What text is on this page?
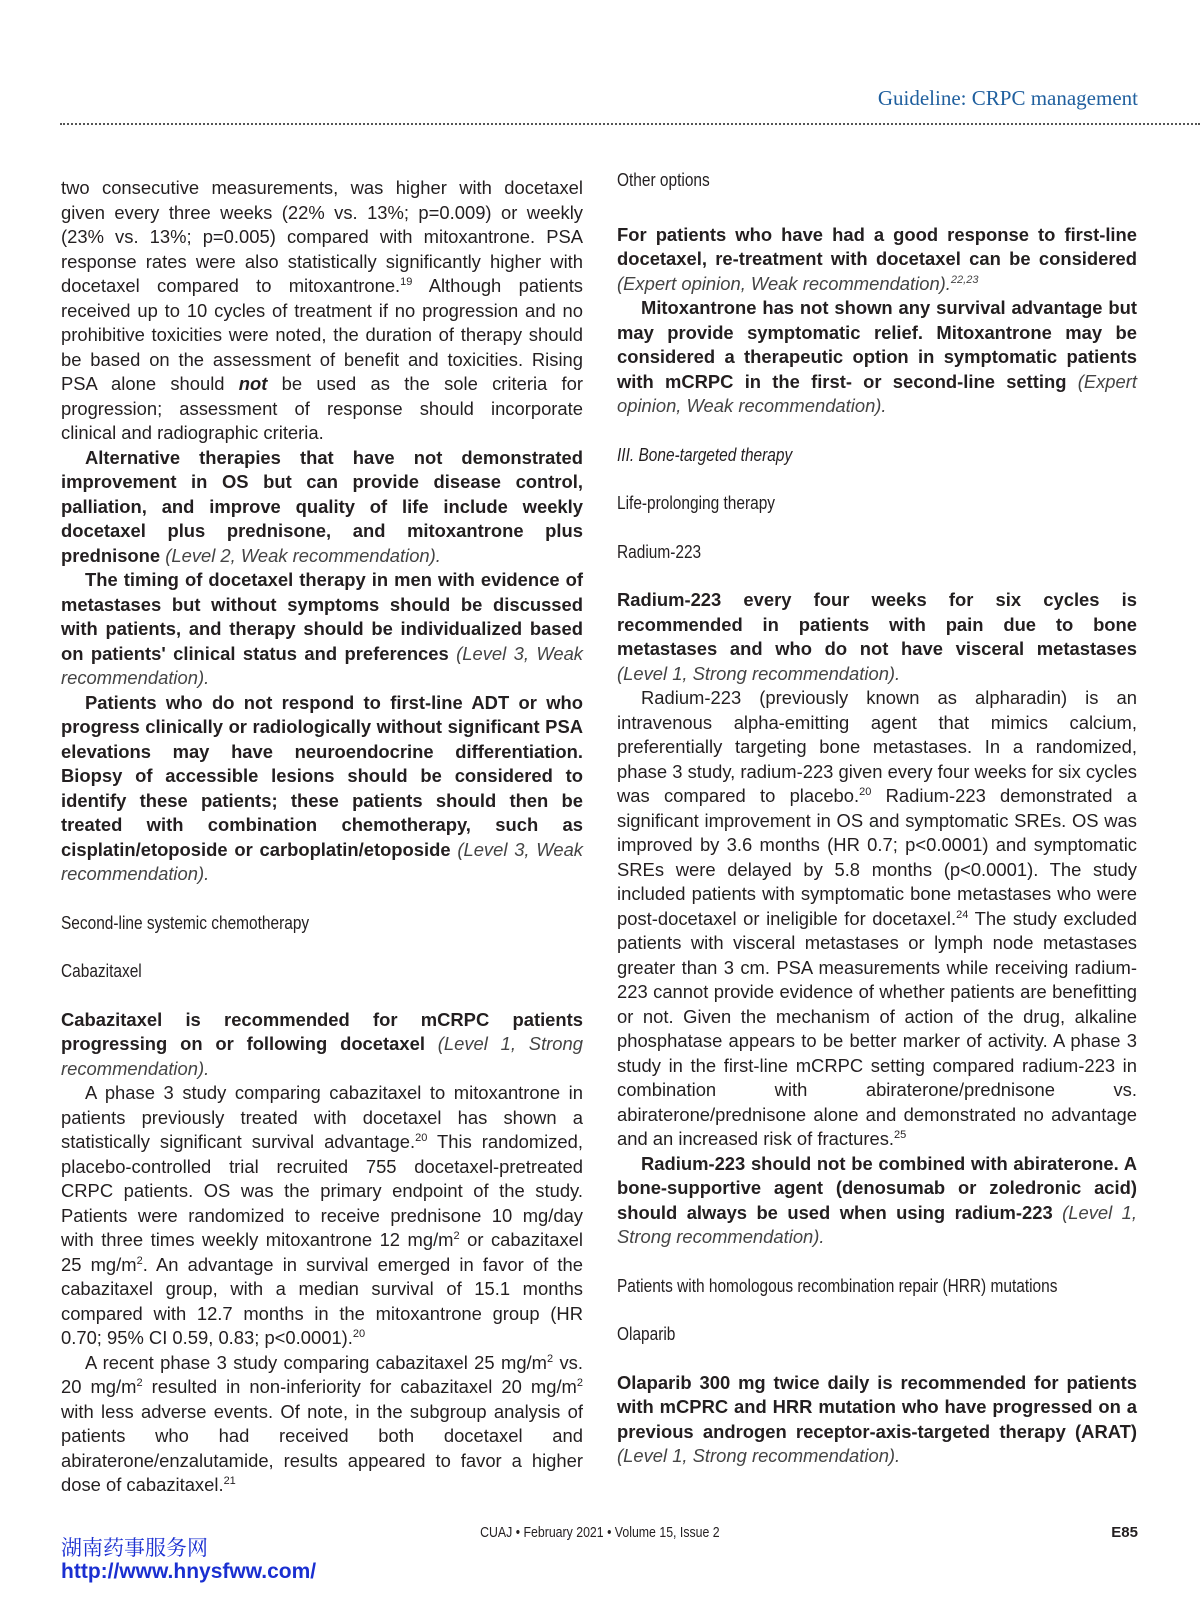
Guideline: CRPC management

two consecutive measurements, was higher with docetaxel given every three weeks (22% vs. 13%; p=0.009) or weekly (23% vs. 13%; p=0.005) compared with mitoxantrone. PSA response rates were also statistically significantly higher with docetaxel compared to mitoxantrone.$^{19}$ Although patients received up to 10 cycles of treatment if no progression and no prohibitive toxicities were noted, the duration of therapy should be based on the assessment of benefit and toxicities. Rising PSA alone should not be used as the sole criteria for progression; assessment of response should incorporate clinical and radiographic criteria.

Alternative therapies that have not demonstrated improvement in OS but can provide disease control, palliation, and improve quality of life include weekly docetaxel plus prednisone, and mitoxantrone plus prednisone (Level 2, Weak recommendation).

The timing of docetaxel therapy in men with evidence of metastases but without symptoms should be discussed with patients, and therapy should be individualized based on patients' clinical status and preferences (Level 3, Weak recommendation).

Patients who do not respond to first-line ADT or who progress clinically or radiologically without significant PSA elevations may have neuroendocrine differentiation. Biopsy of accessible lesions should be considered to identify these patients; these patients should then be treated with combination chemotherapy, such as cisplatin/etoposide or carboplatin/etoposide (Level 3, Weak recommendation).

Second-line systemic chemotherapy

Cabazitaxel

Cabazitaxel is recommended for mCRPC patients progressing on or following docetaxel (Level 1, Strong recommendation).

A phase 3 study comparing cabazitaxel to mitoxantrone in patients previously treated with docetaxel has shown a statistically significant survival advantage.$^{20}$ This randomized, placebo-controlled trial recruited 755 docetaxel-pretreated CRPC patients. OS was the primary endpoint of the study. Patients were randomized to receive prednisone 10 mg/day with three times weekly mitoxantrone 12 $mg/m^2$ or cabazitaxel 25 $mg/m^2$. An advantage in survival emerged in favor of the cabazitaxel group, with a median survival of 15.1 months compared with 12.7 months in the mitoxantrone group (HR 0.70; 95% CI 0.59, 0.83; p<0.0001).$^{20}$

A recent phase 3 study comparing cabazitaxel 25 $mg/m^2$ vs. 20 $mg/m^2$ resulted in non-inferiority for cabazitaxel 20 $mg/m^2$ with less adverse events. Of note, in the subgroup analysis of patients who had received both docetaxel and abiraterone/enzalutamide, results appeared to favor a higher dose of cabazitaxel.$^{21}$

Other options

For patients who have had a good response to first-line docetaxel, re-treatment with docetaxel can be considered (Expert opinion, Weak recommendation).$^{22,23}$

Mitoxantrone has not shown any survival advantage but may provide symptomatic relief. Mitoxantrone may be considered a therapeutic option in symptomatic patients with mCRPC in the first- or second-line setting (Expert opinion, Weak recommendation).

III. Bone-targeted therapy

Life-prolonging therapy

Radium-223

Radium-223 every four weeks for six cycles is recommended in patients with pain due to bone metastases and who do not have visceral metastases (Level 1, Strong recommendation).

Radium-223 (previously known as alpharadin) is an intravenous alpha-emitting agent that mimics calcium, preferentially targeting bone metastases. In a randomized, phase 3 study, radium-223 given every four weeks for six cycles was compared to placebo.$^{20}$ Radium-223 demonstrated a significant improvement in OS and symptomatic SREs. OS was improved by 3.6 months (HR 0.7; p<0.0001) and symptomatic SREs were delayed by 5.8 months (p<0.0001). The study included patients with symptomatic bone metastases who were post-docetaxel or ineligible for docetaxel.$^{24}$ The study excluded patients with visceral metastases or lymph node metastases greater than 3 cm. PSA measurements while receiving radium-223 cannot provide evidence of whether patients are benefitting or not. Given the mechanism of action of the drug, alkaline phosphatase appears to be better marker of activity. A phase 3 study in the first-line mCRPC setting compared radium-223 in combination with abiraterone/prednisone vs. abiraterone/prednisone alone and demonstrated no advantage and an increased risk of fractures.$^{25}$

Radium-223 should not be combined with abiraterone. A bone-supportive agent (denosumab or zoledronic acid) should always be used when using radium-223 (Level 1, Strong recommendation).

Patients with homologous recombination repair (HRR) mutations

Olaparib

Olaparib 300 mg twice daily is recommended for patients with mCPRC and HRR mutation who have progressed on a previous androgen receptor-axis-targeted therapy (ARAT) (Level 1, Strong recommendation).

CUAJ • February 2021 • Volume 15, Issue 2	E85
湖南药事服务网
http://www.hnysfww.com/
